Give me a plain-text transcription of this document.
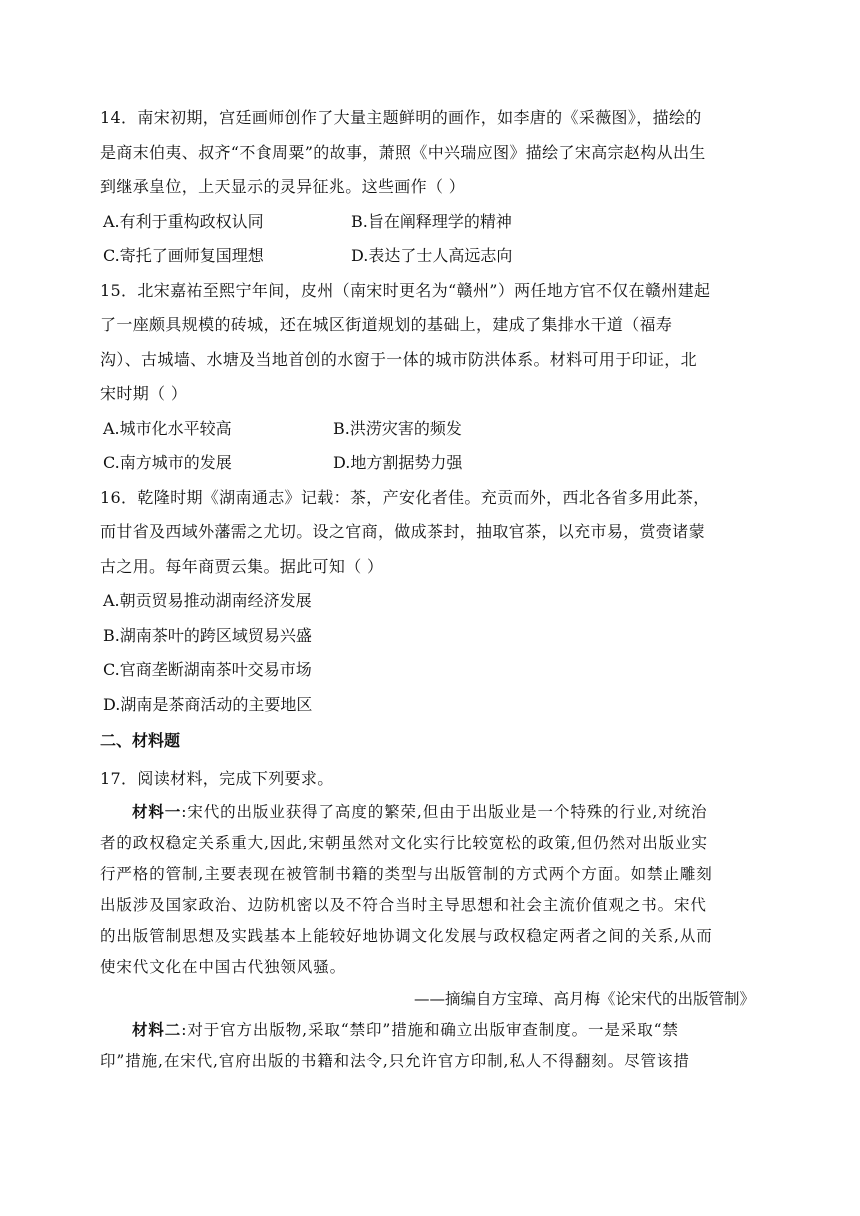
14．南宋初期，宫廷画师创作了大量主题鲜明的画作，如李唐的《采薇图》，描绘的
是商末伯夷、叔齐“不食周粟”的故事，萧照《中兴瑞应图》描绘了宋高宗赵构从出生
到继承皇位，上天显示的灵异征兆。这些画作（ ）
A.有利于重构政权认同	B.旨在阐释理学的精神
C.寄托了画师复国理想	D.表达了士人高远志向
15．北宋嘉祐至熙宁年间，皮州（南宋时更名为“赣州”）两任地方官不仅在赣州建起
了一座颇具规模的砖城，还在城区街道规划的基础上，建成了集排水干道（福寿
沟）、古城墙、水塘及当地首创的水窗于一体的城市防洪体系。材料可用于印证，北
宋时期（ ）
A.城市化水平较高	B.洪涝灾害的频发
C.南方城市的发展	D.地方割据势力强
16．乾隆时期《湖南通志》记载：茶，产安化者佳。充贡而外，西北各省多用此茶，
而甘省及西域外藩需之尤切。设之官商，做成茶封，抽取官茶，以充市易，赏赍诸蒙
古之用。每年商贾云集。据此可知（ ）
A.朝贡贸易推动湖南经济发展
B.湖南茶叶的跨区域贸易兴盛
C.官商垄断湖南茶叶交易市场
D.湖南是茶商活动的主要地区
二、材料题
17．阅读材料，完成下列要求。
材料一:宋代的出版业获得了高度的繁荣,但由于出版业是一个特殊的行业,对统治
者的政权稳定关系重大,因此,宋朝虽然对文化实行比较宽松的政策,但仍然对出版业实
行严格的管制,主要表现在被管制书籍的类型与出版管制的方式两个方面。如禁止雕刻
出版涉及国家政治、边防机密以及不符合当时主导思想和社会主流价值观之书。宋代
的出版管制思想及实践基本上能较好地协调文化发展与政权稳定两者之间的关系,从而
使宋代文化在中国古代独领风骚。
——摘编自方宝璋、高月梅《论宋代的出版管制》
材料二:对于官方出版物,采取“禁印”措施和确立出版审查制度。一是采取“禁
印”措施,在宋代,官府出版的书籍和法令,只允许官方印制,私人不得翻刻。尽管该措
